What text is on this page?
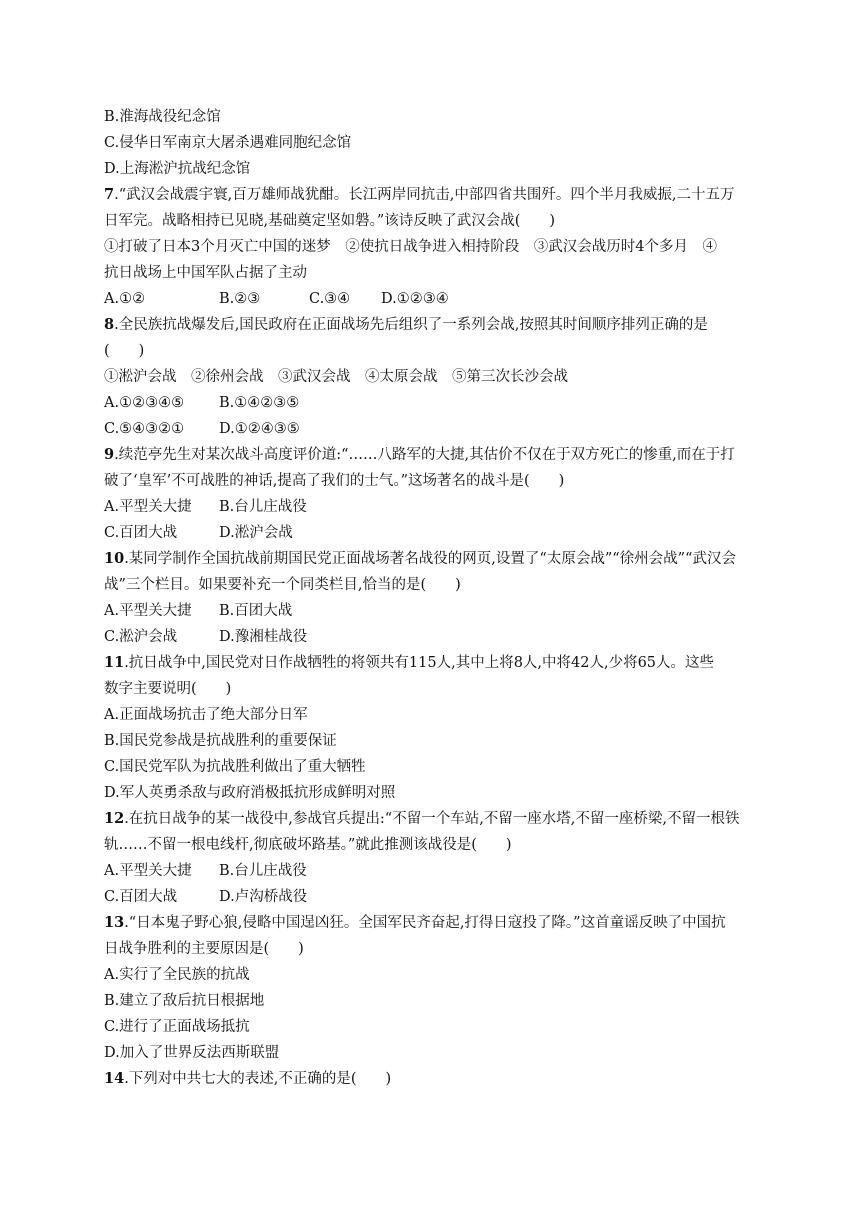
B.淮海战役纪念馆
C.侵华日军南京大屠杀遇难同胞纪念馆
D.上海淞沪抗战纪念馆
7.“武汉会战震宇寰,百万雄师战犹酣。长江两岸同抗击,中部四省共围歼。四个半月我威振,二十五万
日军完。战略相持已见晓,基础奠定坚如磐。”该诗反映了武汉会战(　　)
①打破了日本3个月灭亡中国的迷梦　②使抗日战争进入相持阶段　③武汉会战历时4个多月　④
抗日战场上中国军队占据了主动
A.①②	B.②③	C.③④	D.①②③④
8.全民族抗战爆发后,国民政府在正面战场先后组织了一系列会战,按照其时间顺序排列正确的是
(　　)
①淞沪会战　②徐州会战　③武汉会战　④太原会战　⑤第三次长沙会战
A.①②③④⑤	B.①④②③⑤
C.⑤④③②①	D.①②④③⑤
9.续范亭先生对某次战斗高度评价道:“……八路军的大捷,其估价不仅在于双方死亡的惨重,而在于打
破了‘皇军’不可战胜的神话,提高了我们的士气。”这场著名的战斗是(　　)
A.平型关大捷	B.台儿庄战役
C.百团大战	D.淞沪会战
10.某同学制作全国抗战前期国民党正面战场著名战役的网页,设置了“太原会战”“徐州会战”“武汉会
战”三个栏目。如果要补充一个同类栏目,恰当的是(　　)
A.平型关大捷	B.百团大战
C.淞沪会战	D.豫湘桂战役
11.抗日战争中,国民党对日作战牺牲的将领共有115人,其中上将8人,中将42人,少将65人。这些
数字主要说明(　　)
A.正面战场抗击了绝大部分日军
B.国民党参战是抗战胜利的重要保证
C.国民党军队为抗战胜利做出了重大牺牲
D.军人英勇杀敌与政府消极抵抗形成鲜明对照
12.在抗日战争的某一战役中,参战官兵提出:“不留一个车站,不留一座水塔,不留一座桥梁,不留一根铁
轨……不留一根电线杆,彻底破坏路基。”就此推测该战役是(　　)
A.平型关大捷	B.台儿庄战役
C.百团大战	D.卢沟桥战役
13.“日本鬼子野心狼,侵略中国逞凶狂。全国军民齐奋起,打得日寇投了降。”这首童谣反映了中国抗
日战争胜利的主要原因是(　　)
A.实行了全民族的抗战
B.建立了敌后抗日根据地
C.进行了正面战场抵抗
D.加入了世界反法西斯联盟
14.下列对中共七大的表述,不正确的是(　　)
